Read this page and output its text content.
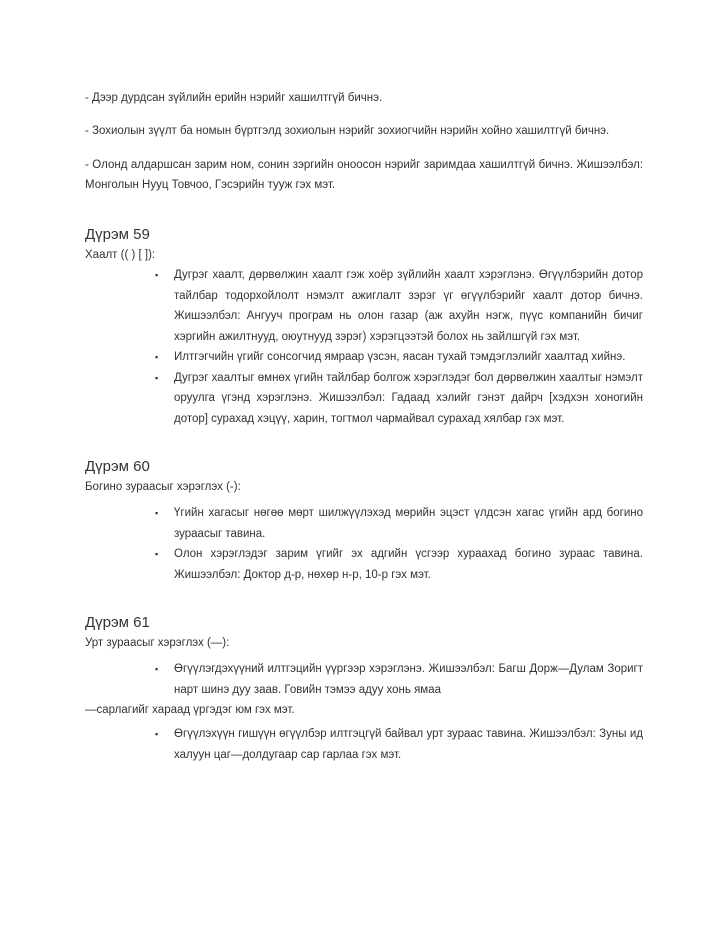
- Дээр дурдсан зүйлийн ерийн нэрийг хашилтгүй бичнэ.

- Зохиолын зүүлт ба номын бүртгэлд зохиолын нэрийг зохиогчийн нэрийн хойно хашилтгүй бичнэ.

- Олонд алдаршсан зарим ном, сонин зэргийн оноосон нэрийг заримдаа хашилтгүй бичнэ. Жишээлбэл: Монголын Нууц Товчоо, Гэсэрийн тууж гэх мэт.

Дүрэм 59

Хаалт (( ) [ ]):

▪ Дугрэг хаалт, дөрвөлжин хаалт гэж хоёр зүйлийн хаалт хэрэглэнэ. Өгүүлбэрийн дотор тайлбар тодорхойлолт нэмэлт ажиглалт зэрэг үг өгүүлбэрийг хаалт дотор бичнэ. Жишээлбэл: Ангууч програм нь олон газар (аж ахуйн нэгж, пүүс компанийн бичиг хэргийн ажилтнууд, оюутнууд зэрэг) хэрэгцээтэй болох нь зайлшгүй гэх мэт.
▪ Илтгэгчийн үгийг сонсогчид ямраар үзсэн, яасан тухай тэмдэглэлийг хаалтад хийнэ.
▪ Дугрэг хаалтыг өмнөх үгийн тайлбар болгож хэрэглэдэг бол дөрвөлжин хаалтыг нэмэлт оруулга үгэнд хэрэглэнэ. Жишээлбэл: Гадаад хэлийг гэнэт дайрч [хэдхэн хоногийн дотор] сурахад хэцүү, харин, тогтмол чармайвал сурахад хялбар гэх мэт.
Дүрэм 60

Богино зураасыг хэрэглэх (-):

▪ Үгийн хагасыг нөгөө мөрт шилжүүлэхэд мөрийн эцэст үлдсэн хагас үгийн ард богино зураасыг тавина.
▪ Олон хэрэглэдэг зарим үгийг эх адгийн үсгээр хураахад богино зураас тавина. Жишээлбэл: Доктор д-р, нөхөр н-р, 10-р гэх мэт.
Дүрэм 61

Урт зураасыг хэрэглэх (—):

▪ Өгүүлэгдэхүүний илтгэцийн үүргээр хэрэглэнэ. Жишээлбэл: Багш Дорж—Дулам Зоригт нарт шинэ дуу заав. Говийн тэмээ адуу хонь ямаа

—сарлагийг хараад үргэдэг юм гэх мэт.

▪ Өгүүлэхүүн гишүүн өгүүлбэр илтгэцгүй байвал урт зураас тавина. Жишээлбэл: Зуны ид халуун цаг—долдугаар сар гарлаа гэх мэт.
